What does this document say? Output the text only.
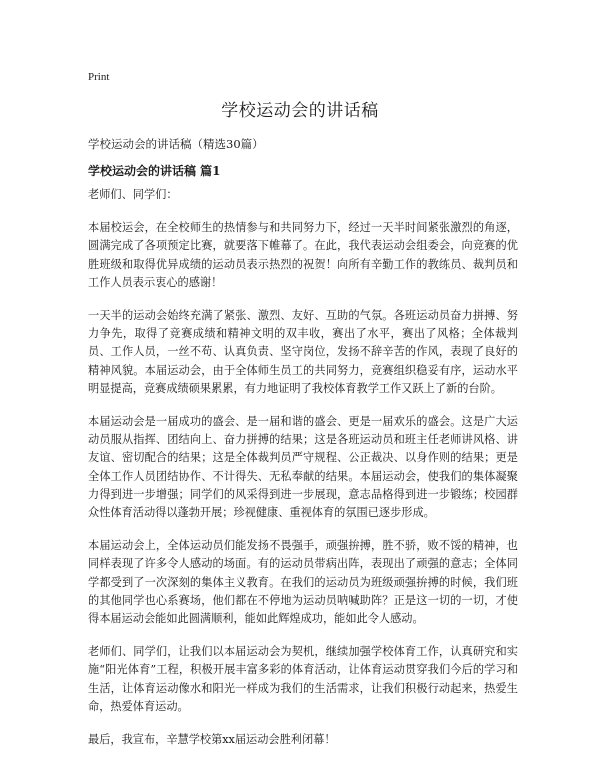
Print
学校运动会的讲话稿
学校运动会的讲话稿（精选30篇）
学校运动会的讲话稿 篇1

老师们、同学们：

本届校运会，在全校师生的热情参与和共同努力下，经过一天半时间紧张激烈的角逐，圆满完成了各项预定比赛，就要落下帷幕了。在此，我代表运动会组委会，向竞赛的优胜班级和取得优异成绩的运动员表示热烈的祝贺！向所有辛勤工作的教练员、裁判员和工作人员表示衷心的感谢！

一天半的运动会始终充满了紧张、激烈、友好、互助的气氛。各班运动员奋力拼搏、努力争先，取得了竞赛成绩和精神文明的双丰收，赛出了水平，赛出了风格；全体裁判员、工作人员，一丝不苟、认真负责、坚守岗位，发扬不辞辛苦的作风，表现了良好的精神风貌。本届运动会，由于全体师生员工的共同努力，竞赛组织稳妥有序，运动水平明显提高，竞赛成绩硕果累累，有力地证明了我校体育教学工作又跃上了新的台阶。

本届运动会是一届成功的盛会、是一届和谐的盛会、更是一届欢乐的盛会。这是广大运动员服从指挥、团结向上、奋力拼搏的结果；这是各班运动员和班主任老师讲风格、讲友谊、密切配合的结果；这是全体裁判员严守规程、公正裁决、以身作则的结果；更是全体工作人员团结协作、不计得失、无私奉献的结果。本届运动会，使我们的集体凝聚力得到进一步增强；同学们的风采得到进一步展现，意志品格得到进一步锻练；校园群众性体育活动得以蓬勃开展；珍视健康、重视体育的氛围已逐步形成。

本届运动会上，全体运动员们能发扬不畏强手，顽强拚搏，胜不骄，败不馁的精神，也同样表现了许多令人感动的场面。有的运动员带病出阵，表现出了顽强的意志；全体同学都受到了一次深刻的集体主义教育。在我们的运动员为班级顽强拚搏的时候，我们班的其他同学也心系赛场，他们都在不停地为运动员呐喊助阵？正是这一切的一切，才使得本届运动会能如此圆满顺利，能如此辉煌成功，能如此令人感动。

老师们、同学们，让我们以本届运动会为契机，继续加强学校体育工作，认真研究和实施“阳光体育”工程，积极开展丰富多彩的体育活动，让体育运动贯穿我们今后的学习和生活，让体育运动像水和阳光一样成为我们的生活需求，让我们积极行动起来，热爱生命，热爱体育运动。

最后，我宣布，辛慧学校第xx届运动会胜利闭幕！
